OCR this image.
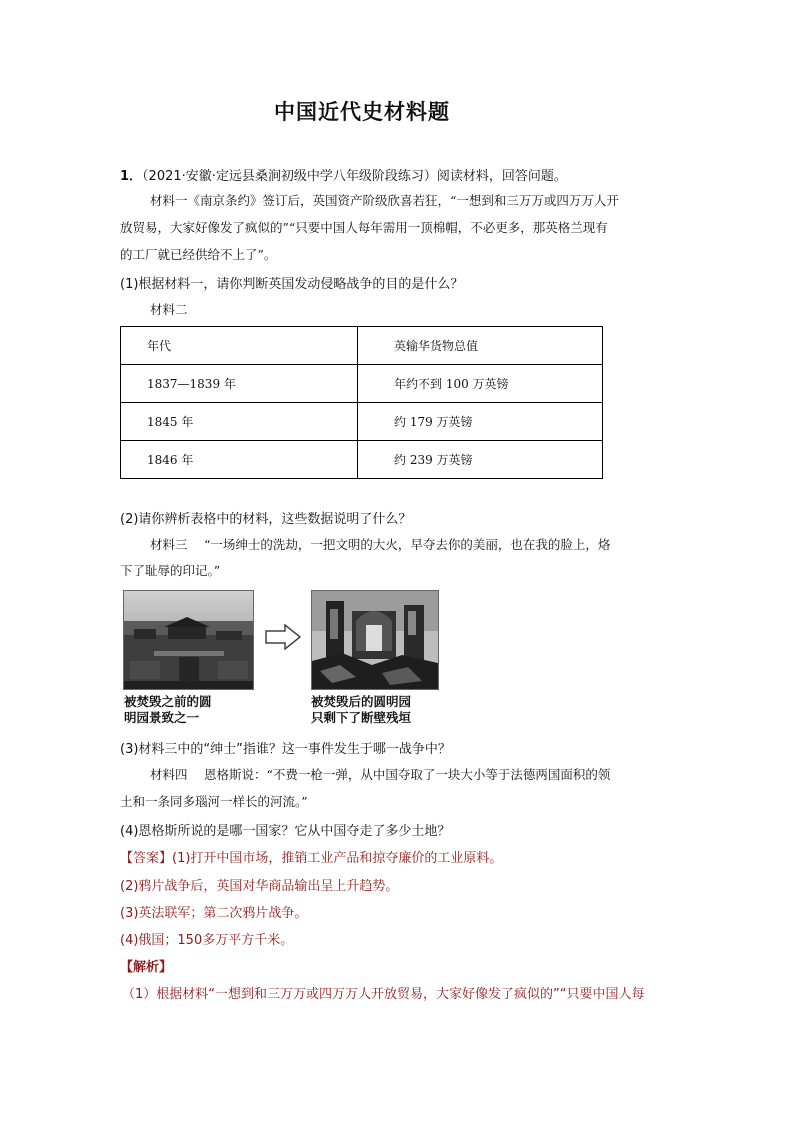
中国近代史材料题
1．（2021·安徽·定远县桑涧初级中学八年级阶段练习）阅读材料，回答问题。
材料一《南京条约》签订后，英国资产阶级欣喜若狂，“一想到和三万万或四万万人开
放贸易，大家好像发了疯似的”“只要中国人每年需用一顶棉帽，不必更多，那英格兰现有
的工厂就已经供给不上了”。
(1)根据材料一，请你判断英国发动侵略战争的目的是什么？
材料二
年代	英输华货物总值
1837—1839 年	年约不到 100 万英镑
1845 年	约 179 万英镑
1846 年	约 239 万英镑
(2)请你辨析表格中的材料，这些数据说明了什么？
材料三　 “一场绅士的洗劫，一把文明的大火，早夺去你的美丽，也在我的脸上，烙
下了耻辱的印记。”
被焚毁之前的圆
明园景致之一
被焚毁后的圆明园
只剩下了断壁残垣
(3)材料三中的“绅士”指谁？这一事件发生于哪一战争中？
材料四　 恩格斯说：“不费一枪一弹，从中国夺取了一块大小等于法德两国面积的领
土和一条同多瑙河一样长的河流。”
(4)恩格斯所说的是哪一国家？它从中国夺走了多少土地？
【答案】(1)打开中国市场，推销工业产品和掠夺廉价的工业原料。
(2)鸦片战争后，英国对华商品输出呈上升趋势。
(3)英法联军；第二次鸦片战争。
(4)俄国；150多万平方千米。
【解析】
（1）根据材料“一想到和三万万或四万万人开放贸易，大家好像发了疯似的”“只要中国人每
